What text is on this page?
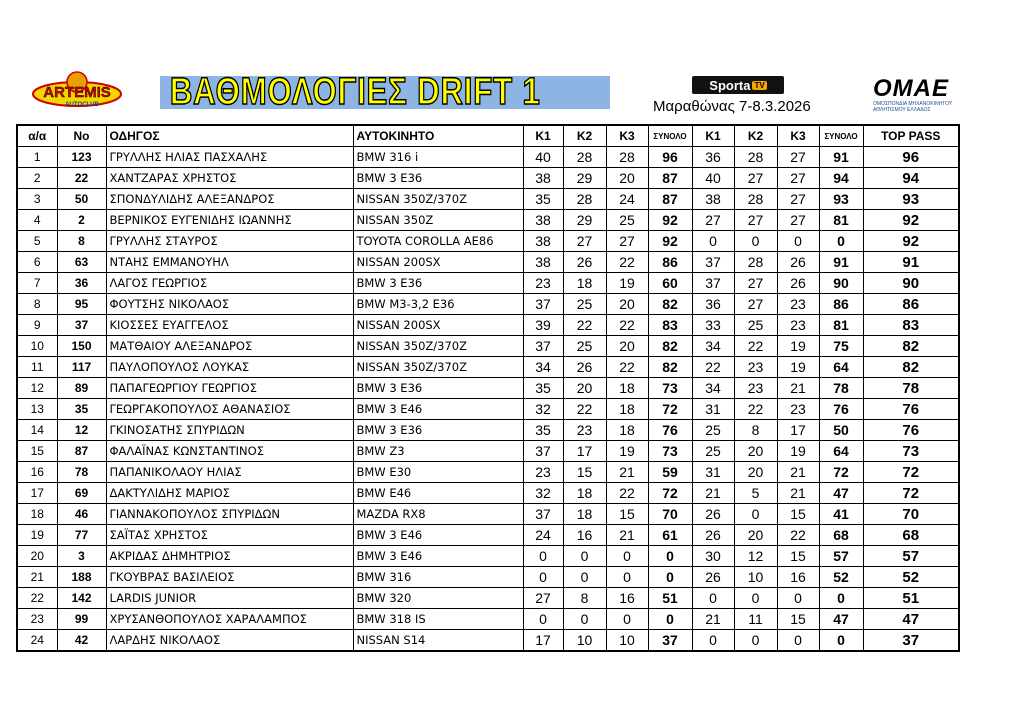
ARTEMIS
AUTOCLUB ΒΑΘΜΟΛΟΓΙΕΣ DRIFT 1	Sporta TV
Μαραθώνας 7-8.3.2026
ΟΜΑΕ
ΟΜΟΣΠΟΝΔΙΑ ΜΗΧΑΝΟΚΙΝΗΤΟΥ
ΑΘΛΗΤΙΣΜΟΥ ΕΛΛΑΔΟΣ
α/α	No	ΟΔΗΓΟΣ	ΑΥΤΟΚΙΝΗΤΟ	K1	K2	K3	ΣΥΝΟΛΟ	K1	K2	K3	ΣΥΝΟΛΟ	TOP PASS
1	123	ΓΡΥΛΛΗΣ ΗΛΙΑΣ ΠΑΣΧΑΛΗΣ	BMW 316 i	40	28	28	96	36	28	27	91	96
2	22	ΧΑΝΤΖΑΡΑΣ ΧΡΗΣΤΟΣ	BMW 3 E36	38	29	20	87	40	27	27	94	94
3	50	ΣΠΟΝΔΥΛΙΔΗΣ ΑΛΕΞΑΝΔΡΟΣ	NISSAN 350Z/370Z	35	28	24	87	38	28	27	93	93
4	2	ΒΕΡΝΙΚΟΣ ΕΥΓΕΝΙΔΗΣ ΙΩΑΝΝΗΣ	NISSAN 350Z	38	29	25	92	27	27	27	81	92
5	8	ΓΡΥΛΛΗΣ ΣΤΑΥΡΟΣ	TOYOTA COROLLA AE86	38	27	27	92	0	0	0	0	92
6	63	ΝΤΑΗΣ ΕΜΜΑΝΟΥΗΛ	NISSAN 200SX	38	26	22	86	37	28	26	91	91
7	36	ΛΑΓΟΣ ΓΕΩΡΓΙΟΣ	BMW 3 E36	23	18	19	60	37	27	26	90	90
8	95	ΦΟΥΤΣΗΣ ΝΙΚΟΛΑΟΣ	BMW M3-3,2 E36	37	25	20	82	36	27	23	86	86
9	37	ΚΙΟΣΣΕΣ ΕΥΑΓΓΕΛΟΣ	NISSAN 200SX	39	22	22	83	33	25	23	81	83
10	150	ΜΑΤΘΑΙΟΥ ΑΛΕΞΑΝΔΡΟΣ	NISSAN 350Z/370Z	37	25	20	82	34	22	19	75	82
11	117	ΠΑΥΛΟΠΟΥΛΟΣ ΛΟΥΚΑΣ	NISSAN 350Z/370Z	34	26	22	82	22	23	19	64	82
12	89	ΠΑΠΑΓΕΩΡΓΙΟΥ ΓΕΩΡΓΙΟΣ	BMW 3 E36	35	20	18	73	34	23	21	78	78
13	35	ΓΕΩΡΓΑΚΟΠΟΥΛΟΣ ΑΘΑΝΑΣΙΟΣ	BMW 3 E46	32	22	18	72	31	22	23	76	76
14	12	ΓΚΙΝΟΣΑΤΗΣ ΣΠΥΡΙΔΩΝ	BMW 3 E36	35	23	18	76	25	8	17	50	76
15	87	ΦΑΛΑΪΝΑΣ ΚΩΝΣΤΑΝΤΙΝΟΣ	BMW Z3	37	17	19	73	25	20	19	64	73
16	78	ΠΑΠΑΝΙΚΟΛΑΟΥ ΗΛΙΑΣ	BMW E30	23	15	21	59	31	20	21	72	72
17	69	ΔΑΚΤΥΛΙΔΗΣ ΜΑΡΙΟΣ	BMW E46	32	18	22	72	21	5	21	47	72
18	46	ΓΙΑΝΝΑΚΟΠΟΥΛΟΣ ΣΠΥΡΙΔΩΝ	MAZDA RX8	37	18	15	70	26	0	15	41	70
19	77	ΣΑΪΤΑΣ ΧΡΗΣΤΟΣ	BMW 3 E46	24	16	21	61	26	20	22	68	68
20	3	ΑΚΡΙΔΑΣ ΔΗΜΗΤΡΙΟΣ	BMW 3 E46	0	0	0	0	30	12	15	57	57
21	188	ΓΚΟΥΒΡΑΣ ΒΑΣΙΛΕΙΟΣ	BMW 316	0	0	0	0	26	10	16	52	52
22	142	LARDIS JUNIOR	BMW 320	27	8	16	51	0	0	0	0	51
23	99	ΧΡΥΣΑΝΘΟΠΟΥΛΟΣ ΧΑΡΑΛΑΜΠΟΣ	BMW 318 IS	0	0	0	0	21	11	15	47	47
24	42	ΛΑΡΔΗΣ ΝΙΚΟΛΑΟΣ	NISSAN S14	17	10	10	37	0	0	0	0	37
